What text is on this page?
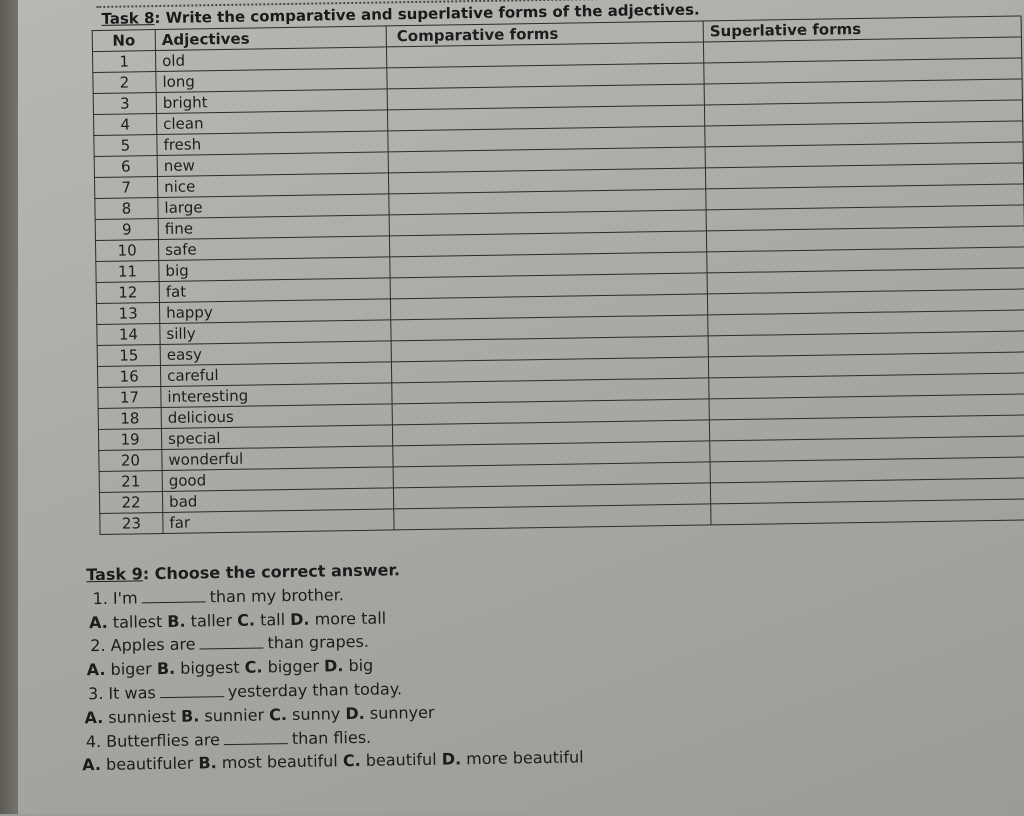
Task 8: Write the comparative and superlative forms of the adjectives.
No	Adjectives	Comparative forms	Superlative forms
1	old		
2	long		
3	bright		
4	clean		
5	fresh		
6	new		
7	nice		
8	large		
9	fine		
10	safe		
11	big		
12	fat		
13	happy		
14	silly		
15	easy		
16	careful		
17	interesting		
18	delicious		
19	special		
20	wonderful		
21	good		
22	bad		
23	far		
Task 9: Choose the correct answer.
1. I'm	than my brother.
A. tallest B. taller C. tall D. more tall
2. Apples are	than grapes.
A. biger B. biggest C. bigger D. big
3. It was	yesterday than today.
A. sunniest B. sunnier C. sunny D. sunnyer
4. Butterflies are	than flies.
A. beautifuler B. most beautiful C. beautiful D. more beautiful
